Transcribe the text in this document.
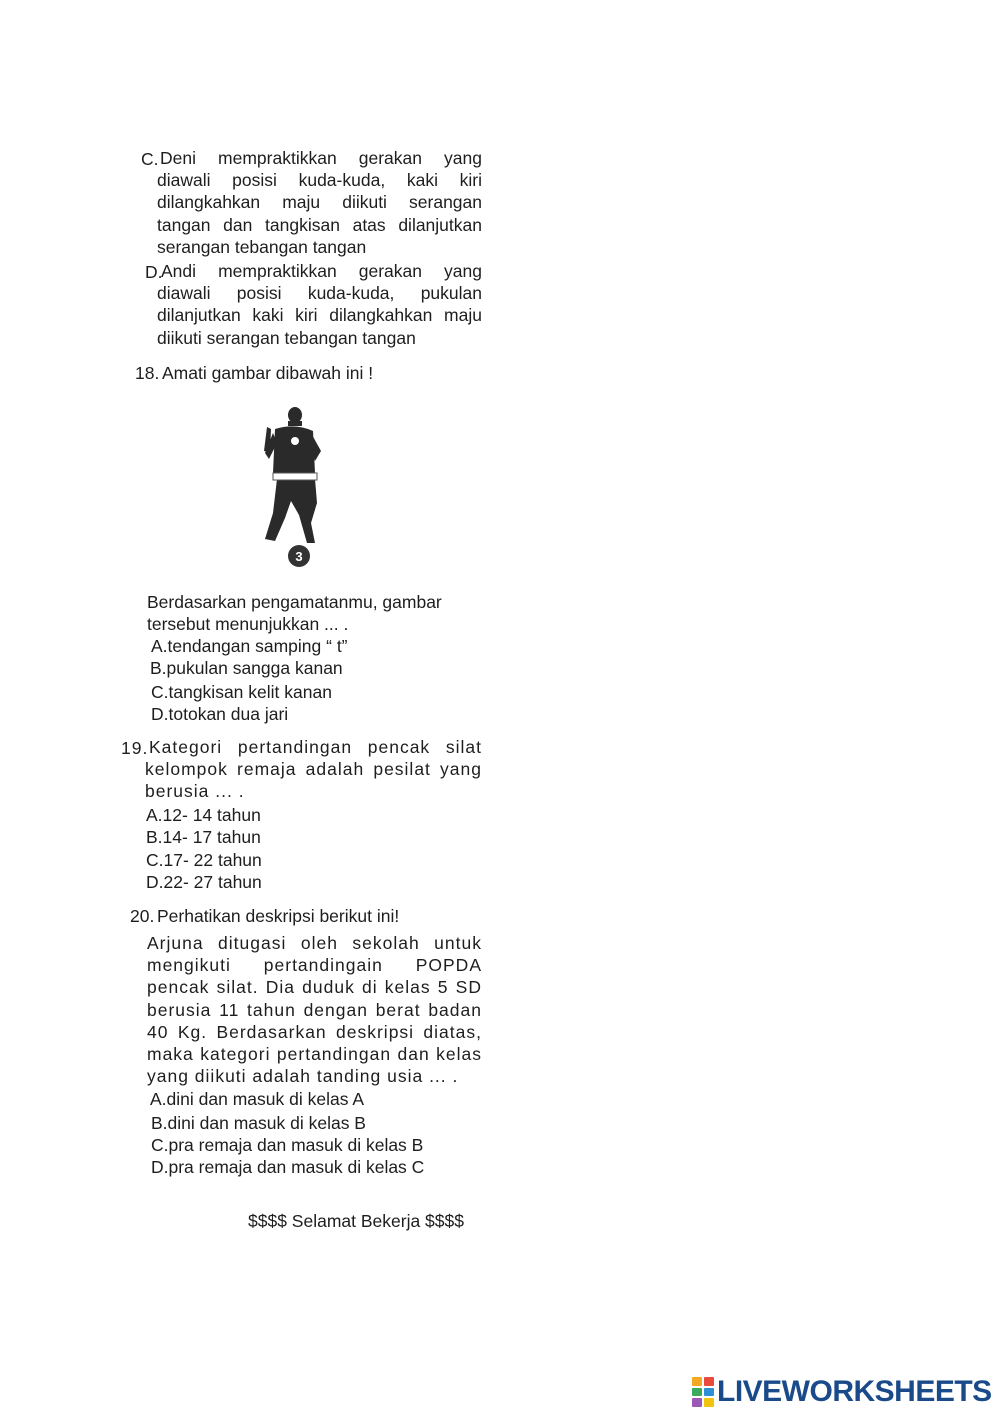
C. Deni mempraktikkan gerakan yang diawali posisi kuda-kuda, kaki kiri dilangkahkan maju diikuti serangan tangan dan tangkisan atas dilanjutkan serangan tebangan tangan
D.
Andi mempraktikkan gerakan yang diawali posisi kuda-kuda, pukulan dilanjutkan kaki kiri dilangkahkan maju diikuti serangan tebangan tangan
18. Amati gambar dibawah ini !
3
Berdasarkan pengamatanmu, gambar
tersebut menunjukkan ... .
A.tendangan samping “ t”
B.pukulan sangga kanan
C.tangkisan kelit kanan
D.totokan dua jari
19. Kategori pertandingan pencak silat kelompok remaja adalah pesilat yang berusia ... .
A.12- 14 tahun
B.14- 17 tahun
C.17- 22 tahun
D.22- 27 tahun
20. Perhatikan deskripsi berikut ini!
Arjuna ditugasi oleh sekolah untuk mengikuti pertandingain POPDA pencak silat. Dia duduk di kelas 5 SD berusia 11 tahun dengan berat badan 40 Kg. Berdasarkan deskripsi diatas, maka kategori pertandingan dan kelas yang diikuti adalah tanding usia ... .
A.dini dan masuk di kelas A
B.dini dan masuk di kelas B
C.pra remaja dan masuk di kelas B
D.pra remaja dan masuk di kelas C
$$$$ Selamat Bekerja $$$$
LIVEWORKSHEETS
